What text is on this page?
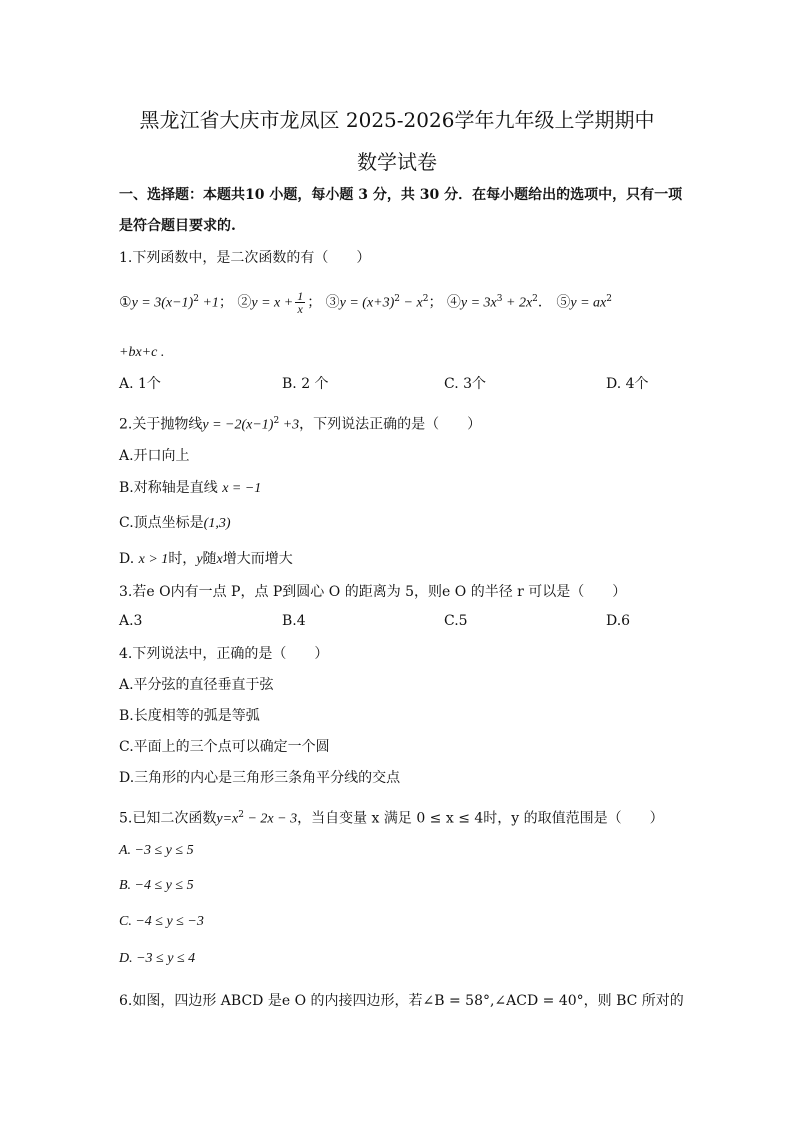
黑龙江省大庆市龙凤区 2025-2026学年九年级上学期期中
数学试卷
一、选择题：本题共10 小题，每小题 3 分，共 30 分．在每小题给出的选项中，只有一项
是符合题目要求的.
1.下列函数中，是二次函数的有（　　）
①y = $3(x-1)^2 +1$； ②y = $x + \frac{1}{x}$ ； ③y = $(x+3)^2 - x^2$； ④y = $3x^3 + 2x^2$． ⑤y = $ax^2$
+bx+c .
A. 1个	B. 2 个	C. 3个	D. 4个
2.关于抛物线$y = -2(x-1)^2 +3$，下列说法正确的是（　　）
A.开口向上
B.对称轴是直线 x = −1
C.顶点坐标是(1,3)
D. x > 1时，y随x增大而增大
3.若e O内有一点 P，点 P到圆心 O 的距离为 5，则e O 的半径 r 可以是（　　）
A.3	B.4	C.5	D.6
4.下列说法中，正确的是（　　）
A.平分弦的直径垂直于弦
B.长度相等的弧是等弧
C.平面上的三个点可以确定一个圆
D.三角形的内心是三角形三条角平分线的交点
5.已知二次函数$y=x^2 - 2x - 3$，当自变量 x 满足 0 ≤ x ≤ 4时，y 的取值范围是（　　）
A. −3 ≤ y ≤ 5
B. −4 ≤ y ≤ 5
C. −4 ≤ y ≤ −3
D. −3 ≤ y ≤ 4
6.如图，四边形 ABCD 是e O 的内接四边形，若∠B = 58°,∠ACD = 40°，则 BC 所对的
